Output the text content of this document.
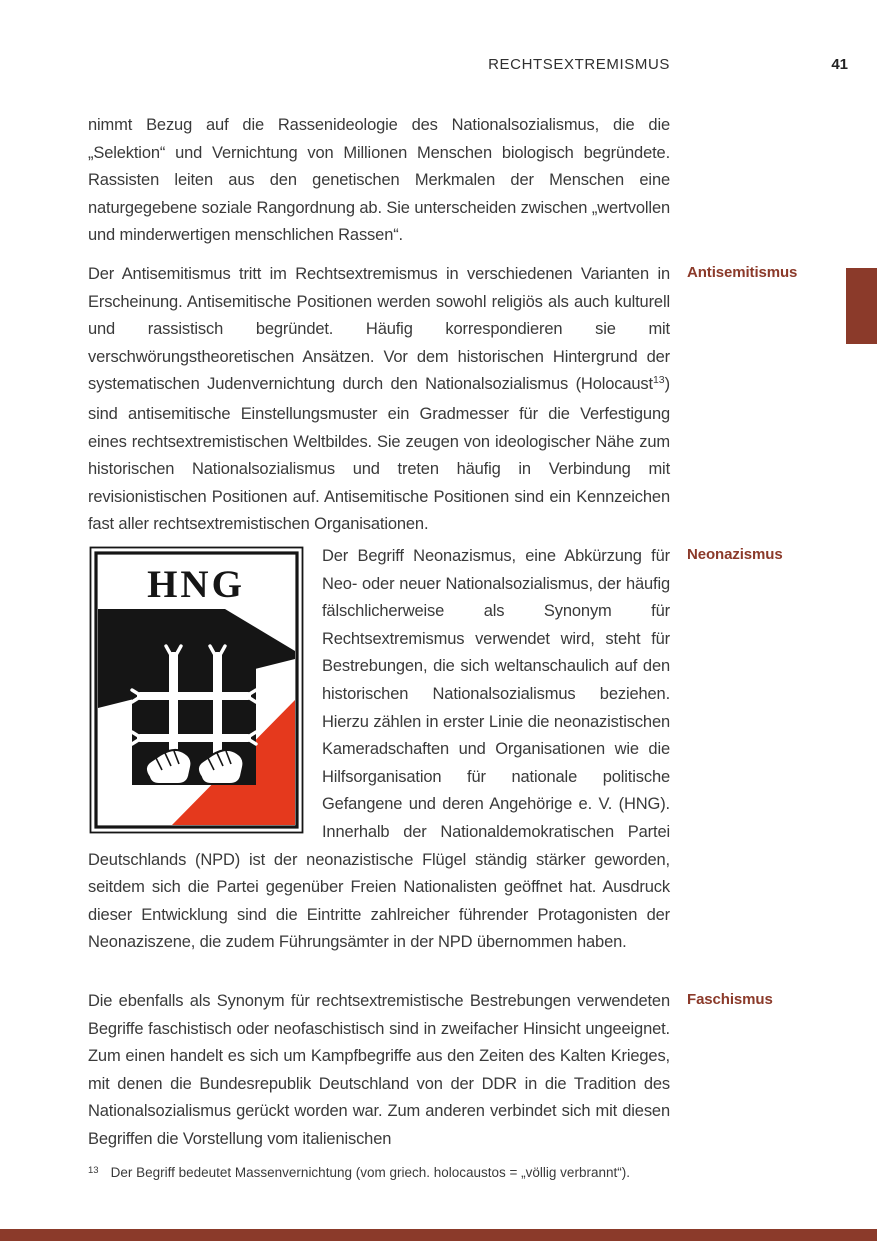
RECHTSEXTREMISMUS	41

nimmt Bezug auf die Rassenideologie des Nationalsozialismus, die die „Selektion“ und Vernichtung von Millionen Menschen biologisch begründete. Rassisten leiten aus den genetischen Merkmalen der Menschen eine naturgegebene soziale Rangordnung ab. Sie unterscheiden zwischen „wertvollen und minderwertigen menschlichen Rassen“.

Antisemitismus

Der Antisemitismus tritt im Rechtsextremismus in verschiedenen Varianten in Erscheinung. Antisemitische Positionen werden sowohl religiös als auch kulturell und rassistisch begründet. Häufig korrespondieren sie mit verschwörungstheoretischen Ansätzen. Vor dem historischen Hintergrund der systematischen Judenvernichtung durch den Nationalsozialismus (Holocaust$^{13}$) sind antisemitische Einstellungsmuster ein Gradmesser für die Verfestigung eines rechtsextremistischen Weltbildes. Sie zeugen von ideologischer Nähe zum historischen Nationalsozialismus und treten häufig in Verbindung mit revisionistischen Positionen auf. Antisemitische Positionen sind ein Kennzeichen fast aller rechtsextremistischen Organisationen.

Neonazismus
HNG

Der Begriff Neonazismus, eine Abkürzung für Neo- oder neuer Nationalsozialismus, der häufig fälschlicherweise als Synonym für Rechtsextremismus verwendet wird, steht für Bestrebungen, die sich weltanschaulich auf den historischen Nationalsozialismus beziehen. Hierzu zählen in erster Linie die neonazistischen Kameradschaften und Organisationen wie die Hilfsorganisation für nationale politische Gefangene und deren Angehörige e. V. (HNG). Innerhalb der Nationaldemokratischen Partei Deutschlands (NPD) ist der neonazistische Flügel ständig stärker geworden, seitdem sich die Partei gegenüber Freien Nationalisten geöffnet hat. Ausdruck dieser Entwicklung sind die Eintritte zahlreicher führender Protagonisten der Neonaziszene, die zudem Führungsämter in der NPD übernommen haben.

Faschismus

Die ebenfalls als Synonym für rechtsextremistische Bestrebungen verwendeten Begriffe faschistisch oder neofaschistisch sind in zweifacher Hinsicht ungeeignet. Zum einen handelt es sich um Kampfbegriffe aus den Zeiten des Kalten Krieges, mit denen die Bundesrepublik Deutschland von der DDR in die Tradition des Nationalsozialismus gerückt worden war. Zum anderen verbindet sich mit diesen Begriffen die Vorstellung vom italienischen

$^{13}$ Der Begriff bedeutet Massenvernichtung (vom griech. holocaustos = „völlig verbrannt“).
